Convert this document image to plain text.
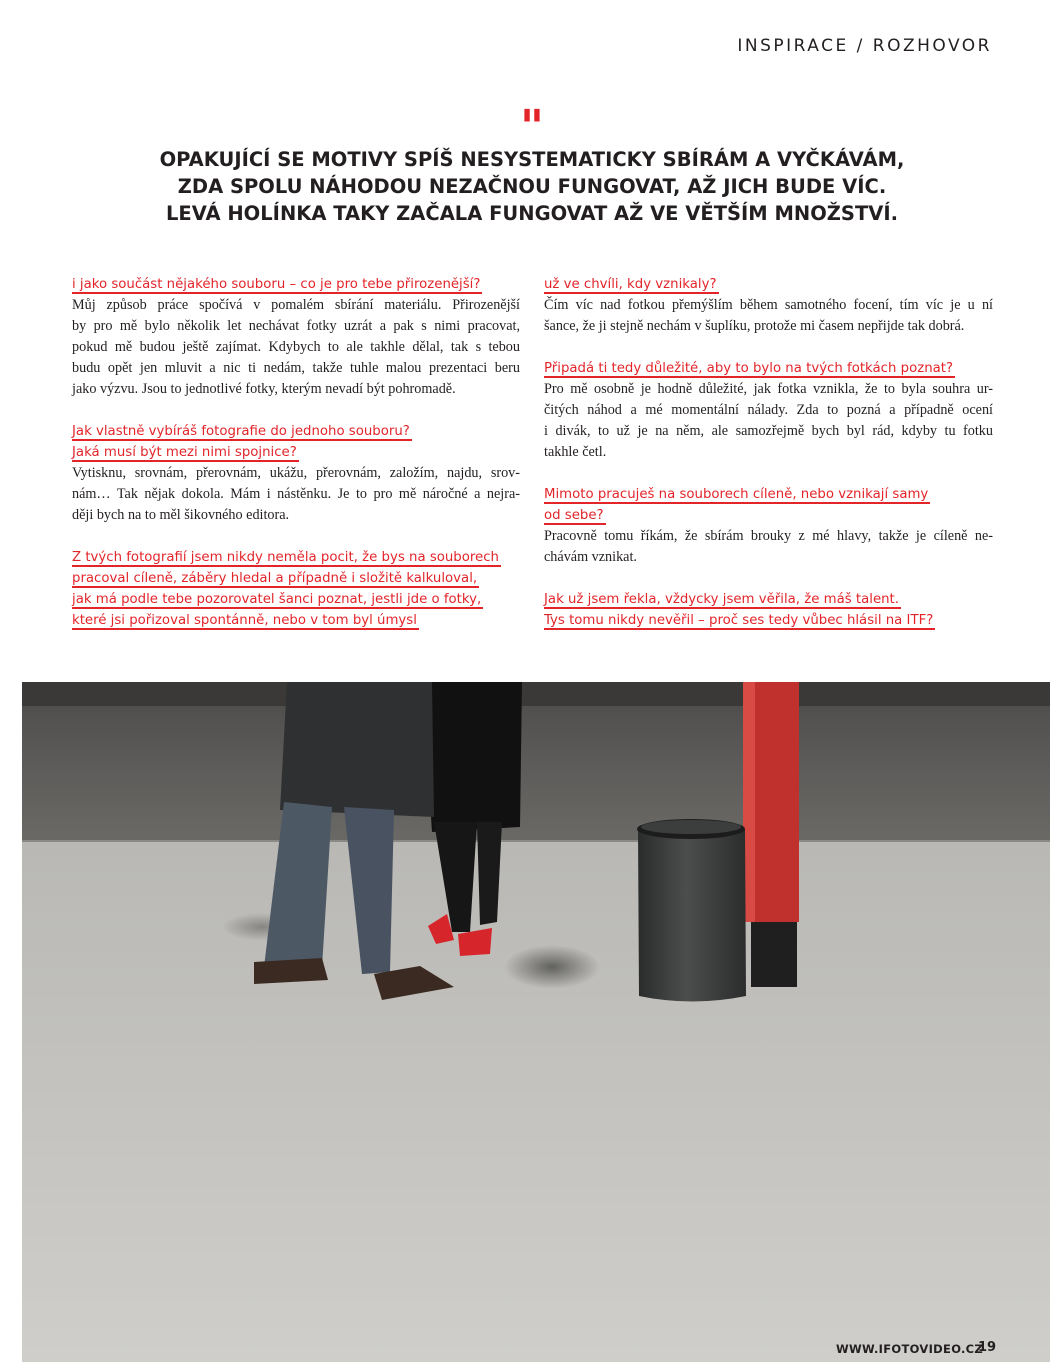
INSPIRACE / ROZHOVOR
"
OPAKUJÍCÍ SE MOTIVY SPÍŠ NESYSTEMATICKY SBÍRÁM A VYČKÁVÁM,
ZDA SPOLU NÁHODOU NEZAČNOU FUNGOVAT, AŽ JICH BUDE VÍC.
LEVÁ HOLÍNKA TAKY ZAČALA FUNGOVAT AŽ VE VĚTŠÍM MNOŽSTVÍ.
i jako součást nějakého souboru – co je pro tebe přirozenější?
Můj způsob práce spočívá v pomalém sbírání materiálu. Přirozenější
by pro mě bylo několik let nechávat fotky uzrát a pak s nimi pracovat,
pokud mě budou ještě zajímat. Kdybych to ale takhle dělal, tak s tebou
budu opět jen mluvit a nic ti nedám, takže tuhle malou prezentaci beru
jako výzvu. Jsou to jednotlivé fotky, kterým nevadí být pohromadě.
Jak vlastně vybíráš fotografie do jednoho souboru?
Jaká musí být mezi nimi spojnice?
Vytisknu, srovnám, přerovnám, ukážu, přerovnám, založím, najdu, srov-
nám… Tak nějak dokola. Mám i nástěnku. Je to pro mě náročné a nejra-
ději bych na to měl šikovného editora.
Z tvých fotografií jsem nikdy neměla pocit, že bys na souborech
pracoval cíleně, záběry hledal a případně i složitě kalkuloval,
jak má podle tebe pozorovatel šanci poznat, jestli jde o fotky,
které jsi pořizoval spontánně, nebo v tom byl úmysl
už ve chvíli, kdy vznikaly?
Čím víc nad fotkou přemýšlím během samotného focení, tím víc je u ní
šance, že ji stejně nechám v šuplíku, protože mi časem nepřijde tak dobrá.
Připadá ti tedy důležité, aby to bylo na tvých fotkách poznat?
Pro mě osobně je hodně důležité, jak fotka vznikla, že to byla souhra ur-
čitých náhod a mé momentální nálady. Zda to pozná a případně ocení
i divák, to už je na něm, ale samozřejmě bych byl rád, kdyby tu fotku
takhle četl.
Mimoto pracuješ na souborech cíleně, nebo vznikají samy
od sebe?
Pracovně tomu říkám, že sbírám brouky z mé hlavy, takže je cíleně ne-
chávám vznikat.
Jak už jsem řekla, vždycky jsem věřila, že máš talent.
Tys tomu nikdy nevěřil – proč ses tedy vůbec hlásil na ITF?
WWW.IFOTOVIDEO.CZ
19
